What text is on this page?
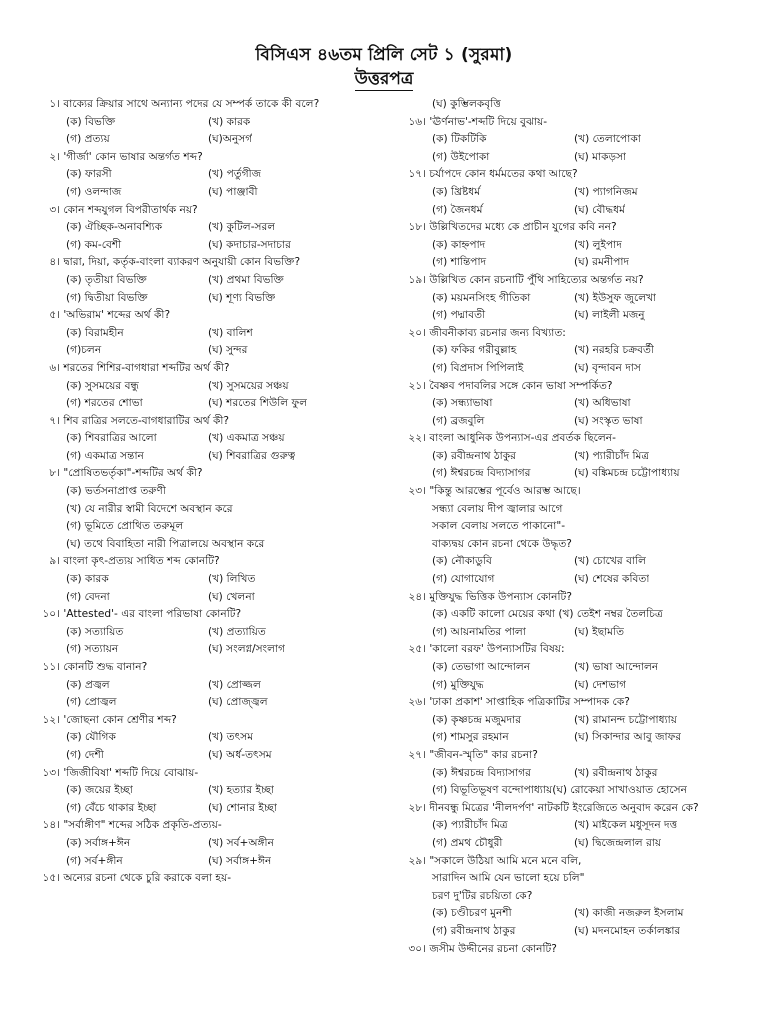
বিসিএস ৪৬তম প্রিলি সেট ১ (সুরমা)
উত্তরপত্র
১। বাক্যের ক্রিয়ার সাথে অন্যান্য পদের যে সম্পর্ক তাকে কী বলে?
(ক) বিভক্তি	(খ) কারক
(গ) প্রত্যয়	(ঘ)অনুসর্গ
২। 'গীর্জা' কোন ভাষার অন্তর্গত শব্দ?
(ক) ফারসী	(খ) পর্তুগীজ
(গ) ওলন্দাজ	(ঘ) পাঞ্জাবী
৩। কোন শব্দযুগল বিপরীতার্থক নয়?
(ক) ঐচ্ছিক-অনাবশ্যিক	(খ) কুটিল-সরল
(গ) কম-বেশী	(ঘ) কদাচার-সদাচার
৪। দ্বারা, দিয়া, কর্তৃক-বাংলা ব্যাকরণ অনুযায়ী কোন বিভক্তি?
(ক) তৃতীয়া বিভক্তি	(খ) প্রথমা বিভক্তি
(গ) দ্বিতীয়া বিভক্তি	(ঘ) শূণ্য বিভক্তি
৫। 'অভিরাম' শব্দের অর্থ কী?
(ক) বিরামহীন	(খ) বালিশ
(গ)চলন	(ঘ) সুন্দর
৬। শরতের শিশির-বাগধারা শব্দটির অর্থ কী?
(ক) সুসময়ের বন্ধু	(খ) সুসময়ের সঞ্চয়
(গ) শরতের শোভা	(ঘ) শরতের শিউলি ফুল
৭। শিব রাত্রির সলতে-বাগধারাটির অর্থ কী?
(ক) শিবরাত্রির আলো	(খ) একমাত্র সঞ্চয়
(গ) একমাত্র সন্তান	(ঘ) শিবরাত্রির গুরুত্ব
৮। "প্রোষিতভর্তৃকা"-শব্দটির অর্থ কী?
(ক) ভর্তসনাপ্রাপ্ত তরুণী
(খ) যে নারীর স্বামী বিদেশে অবস্থান করে
(গ) ভূমিতে প্রোথিত তরুমূল
(ঘ) তথে বিবাহিতা নারী পিত্রালয়ে অবস্থান করে
৯। বাংলা কৃৎ-প্রত্যয় সাধিত শব্দ কোনটি?
(ক) কারক	(খ) লিখিত
(গ) বেদনা	(ঘ) খেলনা
১০। 'Attested'- এর বাংলা পরিভাষা কোনটি?
(ক) সত্যায়িত	(খ) প্রত্যায়িত
(গ) সত্যায়ন	(ঘ) সংলগ্ন/সংলাগ
১১। কোনটি শুদ্ধ বানান?
(ক) প্রজ্বল	(খ) প্রোজ্জল
(গ) প্রোজ্বল	(ঘ) প্রোজ্জ্বল
১২। 'জোছনা কোন শ্রেণীর শব্দ?
(ক) যৌগিক	(খ) তৎসম
(গ) দেশী	(ঘ) অর্ধ-তৎসম
১৩। 'জিজীবিষা' শব্দটি দিয়ে বোঝায়-
(ক) জয়ের ইচ্ছা	(খ) হত্যার ইচ্ছা
(গ) বেঁচে থাকার ইচ্ছা	(ঘ) শোনার ইচ্ছা
১৪। "সর্বাঙ্গীণ" শব্দের সঠিক প্রকৃতি-প্রত্যয়-
(ক) সর্বাঙ্গ+ঈন	(খ) সর্ব+অঙ্গীন
(গ) সর্ব+ঙ্গীন	(ঘ) সর্বাঙ্গ+ঈন
১৫। অন্যের রচনা থেকে চুরি করাকে বলা হয়-
(ঘ) কুম্ভিলকবৃত্তি
১৬। 'ঊর্ণনাভ'-শব্দটি দিয়ে বুঝায়-
(ক) টিকটিকি	(খ) তেলাপোকা
(গ) উইপোকা	(ঘ) মাকড়সা
১৭। চর্যাপদে কোন ধর্মমতের কথা আছে?
(ক) খ্রিষ্টধর্ম	(খ) প্যাগনিজম
(গ) জৈনধর্ম	(ঘ) বৌদ্ধধর্ম
১৮। উল্লিখিতদের মধ্যে কে প্রাচীন যুগের কবি নন?
(ক) কাহ্নপাদ	(খ) লুইপাদ
(গ) শান্তিপাদ	(ঘ) রমনীপাদ
১৯। উল্লিখিত কোন রচনাটি পুঁথি সাহিত্যের অন্তর্গত নয়?
(ক) ময়মনসিংহ গীতিকা	(খ) ইউসুফ জুলেখা
(গ) পদ্মাবতী	(ঘ) লাইলী মজনু
২০। জীবনীকাব্য রচনার জন্য বিখ্যাত:
(ক) ফকির গরীবুল্লাহ	(খ) নরহরি চক্রবর্তী
(গ) বিপ্রদাস পিপিলাই	(ঘ) বৃন্দাবন দাস
২১। বৈষ্ণব পদাবলির সঙ্গে কোন ভাষা সম্পর্কিত?
(ক) সন্ধ্যাভাষা	(খ) অধিভাষা
(গ) ব্রজবুলি	(ঘ) সংস্কৃত ভাষা
২২। বাংলা আধুনিক উপন্যাস-এর প্রবর্তক ছিলেন-
(ক) রবীন্দ্রনাথ ঠাকুর	(খ) প্যারীচাঁদ মিত্র
(গ) ঈশ্বরচন্দ্র বিদ্যাসাগর	(ঘ) বঙ্কিমচন্দ্র চট্টোপাধ্যায়
২৩। "কিন্তু আরম্ভের পূর্বেও আরম্ভ আছে।
সন্ধ্যা বেলায় দীপ জ্বালার আগে
সকাল বেলায় সলতে পাকানো"-
বাক্যদ্বয় কোন রচনা থেকে উদ্ধৃত?
(ক) নৌকাডুবি	(খ) চোখের বালি
(গ) যোগাযোগ	(ঘ) শেষের কবিতা
২৪। মুক্তিযুদ্ধ ভিত্তিক উপন্যাস কোনটি?
(ক) একটি কালো মেয়ের কথা (খ) তেইশ নম্বর তৈলচিত্র
(গ) আয়নামতির পালা	(ঘ) ইছামতি
২৫। 'কালো বরফ' উপন্যাসটির বিষয়:
(ক) তেভাগা আন্দোলন	(খ) ভাষা আন্দোলন
(গ) মুক্তিযুদ্ধ	(ঘ) দেশভাগ
২৬। 'ঢাকা প্রকাশ' সাপ্তাহিক পত্রিকাটির সম্পাদক কে?
(ক) কৃষ্ণচন্দ্র মজুমদার	(খ) রামানন্দ চট্টোপাধ্যায়
(গ) শামসুর রহমান	(ঘ) সিকান্দার আবু জাফর
২৭। "জীবন-স্মৃতি" কার রচনা?
(ক) ঈশ্বরচন্দ্র বিদ্যাসাগর	(খ) রবীন্দ্রনাথ ঠাকুর
(গ) বিভূতিভূষণ বন্দোপাধ্যায়(ঘ) রোকেয়া সাখাওয়াত হোসেন
২৮। দীনবন্ধু মিত্রের 'নীলদর্পণ' নাটকটি ইংরেজিতে অনুবাদ করেন কে?
(ক) প্যারীচাঁদ মিত্র	(খ) মাইকেল মধুসূদন দত্ত
(গ) প্রমথ চৌধুরী	(ঘ) দ্বিজেন্দ্রলাল রায়
২৯। "সকালে উঠিয়া আমি মনে মনে বলি,
সারাদিন আমি যেন ভালো হয়ে চলি"
চরণ দু'টির রচয়িতা কে?
(ক) চণ্ডীচরণ মুনশী	(খ) কাজী নজরুল ইসলাম
(গ) রবীন্দ্রনাথ ঠাকুর	(ঘ) মদনমোহন তর্কালঙ্কার
৩০। জসীম উদ্দীনের রচনা কোনটি?
